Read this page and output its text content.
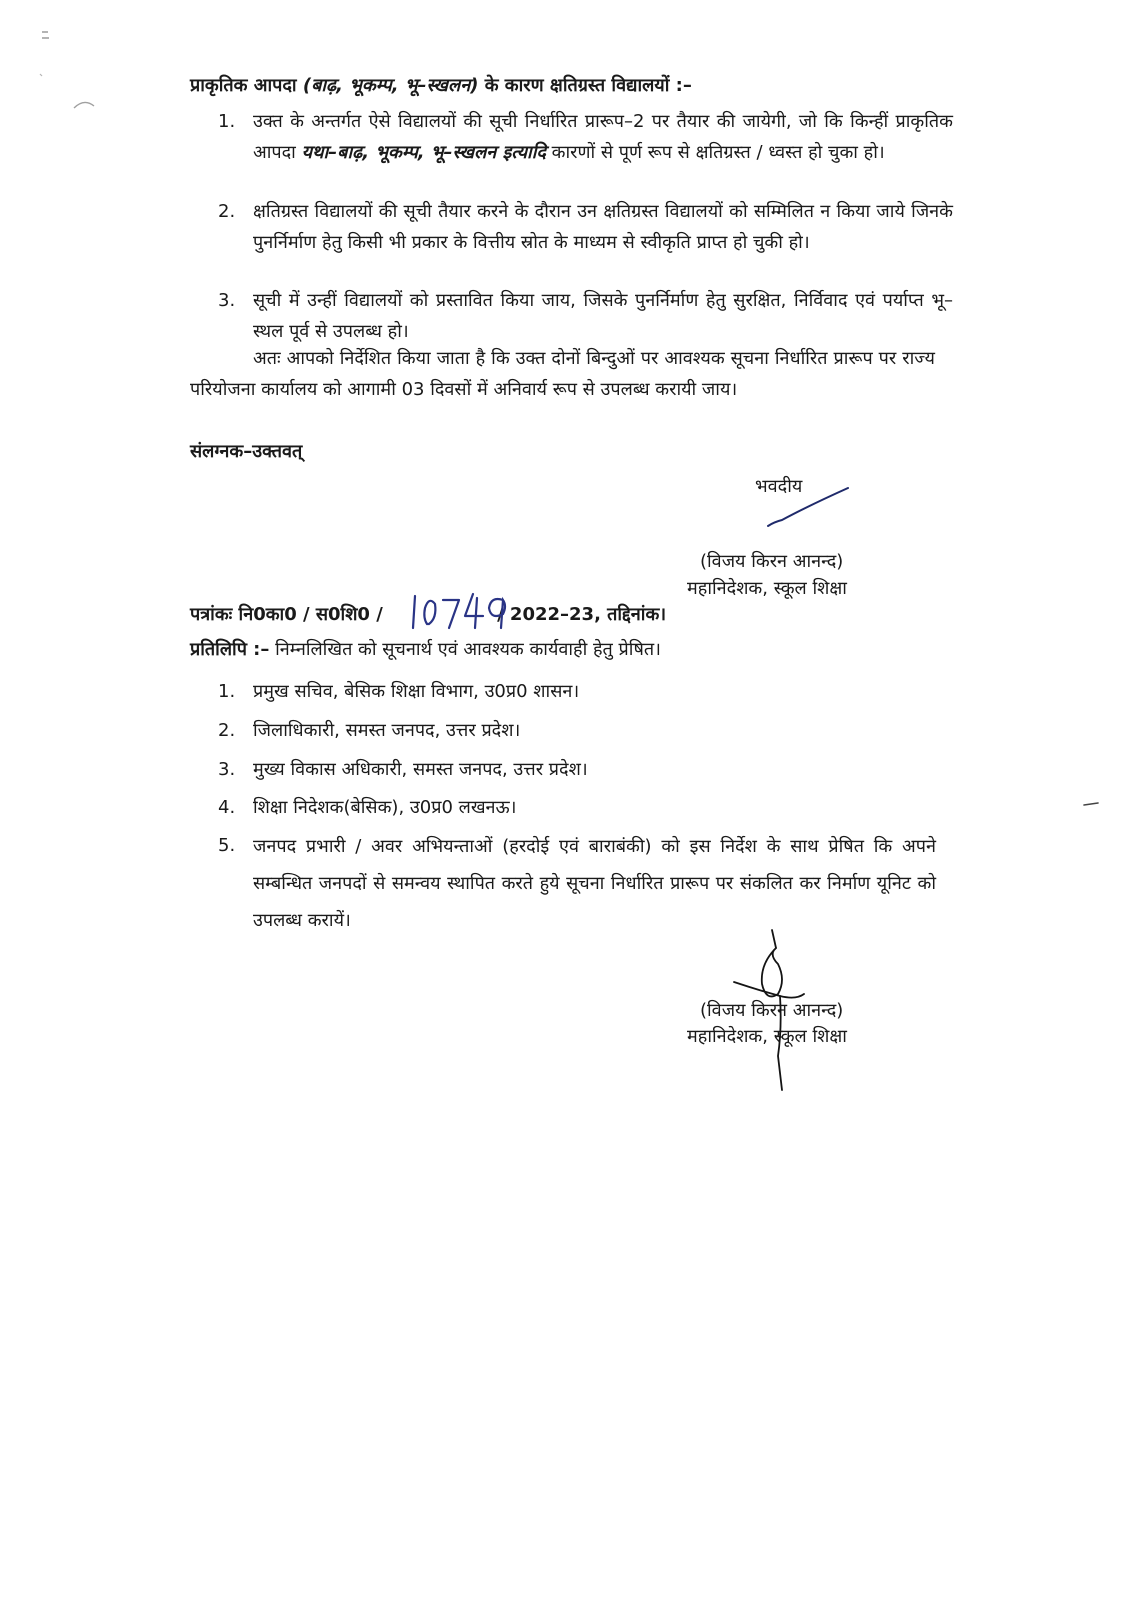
प्राकृतिक आपदा (बाढ़, भूकम्प, भू–स्खलन) के कारण क्षतिग्रस्त विद्यालयों :–
1. उक्त के अन्तर्गत ऐसे विद्यालयों की सूची निर्धारित प्रारूप–2 पर तैयार की जायेगी, जो कि किन्हीं प्राकृतिक आपदा यथा–बाढ़, भूकम्प, भू–स्खलन इत्यादि कारणों से पूर्ण रूप से क्षतिग्रस्त / ध्वस्त हो चुका हो।
2. क्षतिग्रस्त विद्यालयों की सूची तैयार करने के दौरान उन क्षतिग्रस्त विद्यालयों को सम्मिलित न किया जाये जिनके पुनर्निर्माण हेतु किसी भी प्रकार के वित्तीय स्रोत के माध्यम से स्वीकृति प्राप्त हो चुकी हो।
3. सूची में उन्हीं विद्यालयों को प्रस्तावित किया जाय, जिसके पुनर्निर्माण हेतु सुरक्षित, निर्विवाद एवं पर्याप्त भू–स्थल पूर्व से उपलब्ध हो।
अतः आपको निर्देशित किया जाता है कि उक्त दोनों बिन्दुओं पर आवश्यक सूचना निर्धारित प्रारूप पर राज्य परियोजना कार्यालय को आगामी 03 दिवसों में अनिवार्य रूप से उपलब्ध करायी जाय।
संलग्नक–उक्तवत्
भवदीय
(विजय किरन आनन्द)
महानिदेशक, स्कूल शिक्षा
पत्रांकः नि0का0 / स0शि0 /	/ 2022–23, तद्दिनांक।
प्रतिलिपि :– निम्नलिखित को सूचनार्थ एवं आवश्यक कार्यवाही हेतु प्रेषित।
1. प्रमुख सचिव, बेसिक शिक्षा विभाग, उ0प्र0 शासन।
2. जिलाधिकारी, समस्त जनपद, उत्तर प्रदेश।
3. मुख्य विकास अधिकारी, समस्त जनपद, उत्तर प्रदेश।
4. शिक्षा निदेशक(बेसिक), उ0प्र0 लखनऊ।
5. जनपद प्रभारी / अवर अभियन्ताओं (हरदोई एवं बाराबंकी) को इस निर्देश के साथ प्रेषित कि अपने सम्बन्धित जनपदों से समन्वय स्थापित करते हुये सूचना निर्धारित प्रारूप पर संकलित कर निर्माण यूनिट को उपलब्ध करायें।
(विजय किरन आनन्द)
महानिदेशक, स्कूल शिक्षा
